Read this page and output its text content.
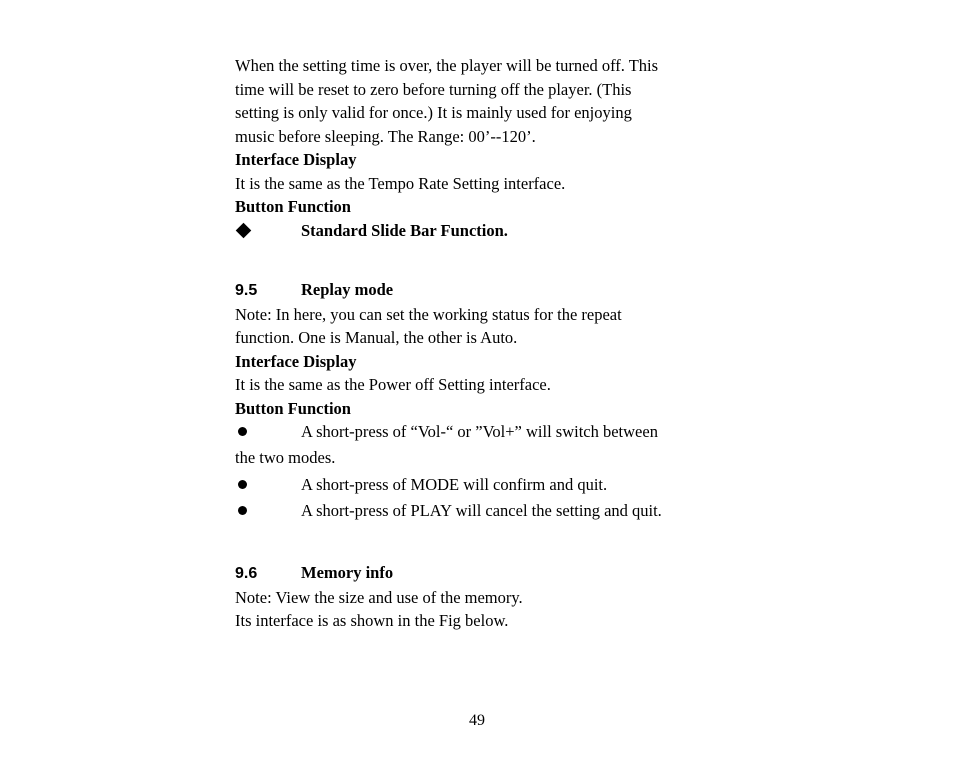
When the setting time is over, the player will be turned off. This

time will be reset to zero before turning off the player. (This

setting is only valid for once.) It is mainly used for enjoying

music before sleeping. The Range: 00’--120’.

Interface Display

It is the same as the Tempo Rate Setting interface.

Button Function

Standard Slide Bar Function.
9.5	Replay mode

Note: In here, you can set the working status for the repeat

function. One is Manual, the other is Auto.

Interface Display

It is the same as the Power off Setting interface.

Button Function

A short-press of “Vol-“ or ”Vol+” will switch between

the two modes.

A short-press of MODE will confirm and quit.
A short-press of PLAY will cancel the setting and quit.
9.6	Memory info

Note: View the size and use of the memory.

Its interface is as shown in the Fig below.

49
